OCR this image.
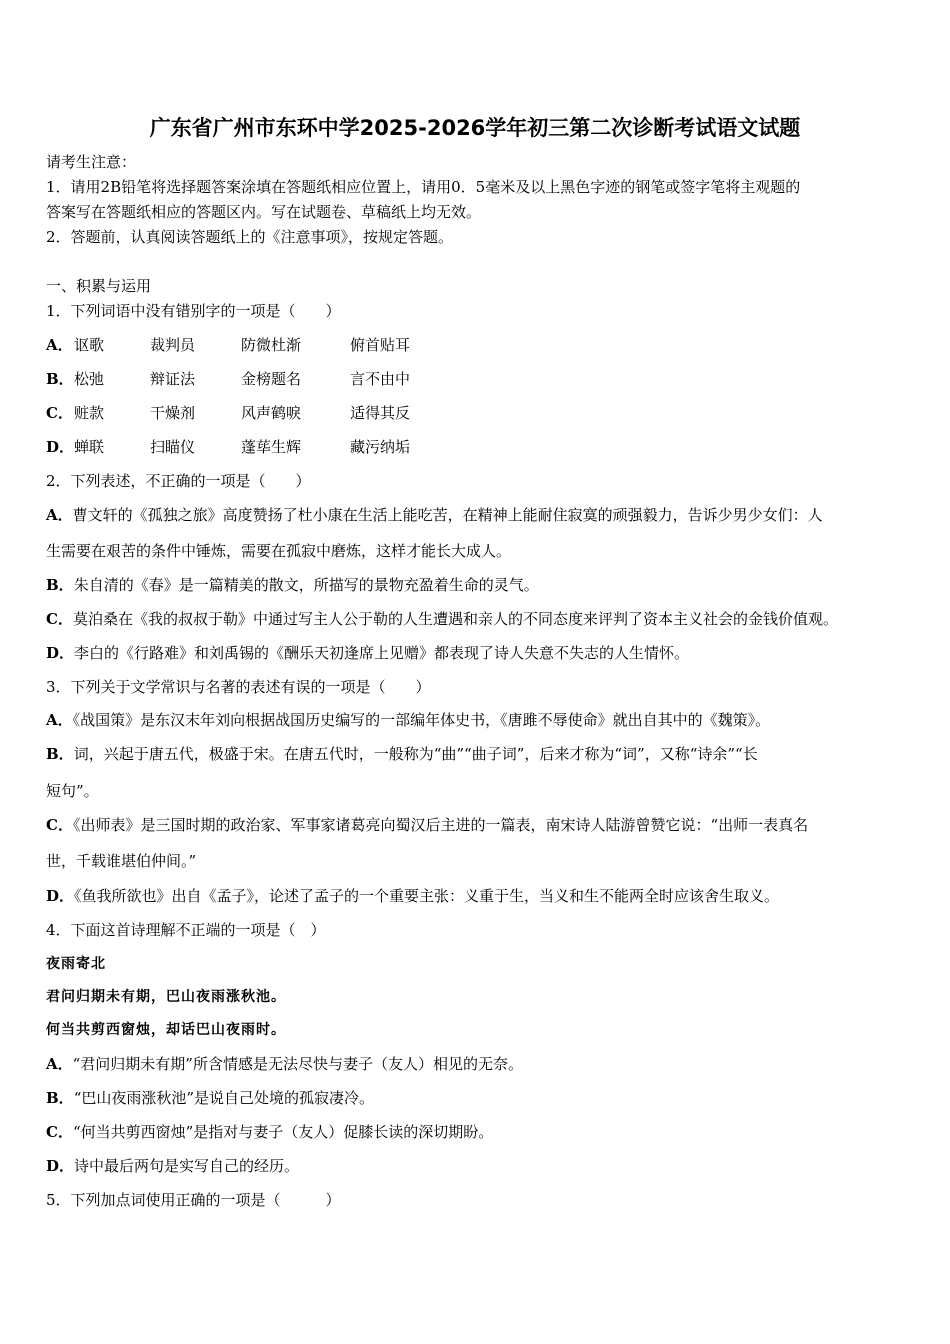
广东省广州市东环中学2025-2026学年初三第二次诊断考试语文试题
请考生注意：
1．请用2B铅笔将选择题答案涂填在答题纸相应位置上，请用0．5毫米及以上黑色字迹的钢笔或签字笔将主观题的
答案写在答题纸相应的答题区内。写在试题卷、草稿纸上均无效。
2．答题前，认真阅读答题纸上的《注意事项》，按规定答题。
一、积累与运用
1．下列词语中没有错别字的一项是（　　）
A． 讴歌	裁判员	防微杜渐	俯首贴耳
B． 松弛	辩证法	金榜题名	言不由中
C． 赃款	干燥剂	风声鹤唳	适得其反
D． 蝉联	扫瞄仪	蓬荜生辉	藏污纳垢
2．下列表述，不正确的一项是（　　）
A．曹文轩的《孤独之旅》高度赞扬了杜小康在生活上能吃苦，在精神上能耐住寂寞的顽强毅力，告诉少男少女们：人
生需要在艰苦的条件中锤炼，需要在孤寂中磨炼，这样才能长大成人。
B．朱自清的《春》是一篇精美的散文，所描写的景物充盈着生命的灵气。
C．莫泊桑在《我的叔叔于勒》中通过写主人公于勒的人生遭遇和亲人的不同态度来评判了资本主义社会的金钱价值观。
D．李白的《行路难》和刘禹锡的《酬乐天初逢席上见赠》都表现了诗人失意不失志的人生情怀。
3．下列关于文学常识与名著的表述有误的一项是（　　）
A．《战国策》是东汉末年刘向根据战国历史编写的一部编年体史书，《唐雎不辱使命》就出自其中的《魏策》。
B．词，兴起于唐五代，极盛于宋。在唐五代时，一般称为“曲”“曲子词”，后来才称为“词”，又称“诗余”“长
短句”。
C．《出师表》是三国时期的政治家、军事家诸葛亮向蜀汉后主进的一篇表，南宋诗人陆游曾赞它说：“出师一表真名
世，千载谁堪伯仲间。”
D．《鱼我所欲也》出自《孟子》，论述了孟子的一个重要主张：义重于生，当义和生不能两全时应该舍生取义。
4．下面这首诗理解不正端的一项是（　）
夜雨寄北
君问归期未有期，巴山夜雨涨秋池。
何当共剪西窗烛，却话巴山夜雨时。
A．“君问归期未有期”所含情感是无法尽快与妻子（友人）相见的无奈。
B．“巴山夜雨涨秋池”是说自己处境的孤寂凄冷。
C．“何当共剪西窗烛”是指对与妻子（友人）促膝长读的深切期盼。
D．诗中最后两句是实写自己的经历。
5．下列加点词使用正确的一项是（　　　）
